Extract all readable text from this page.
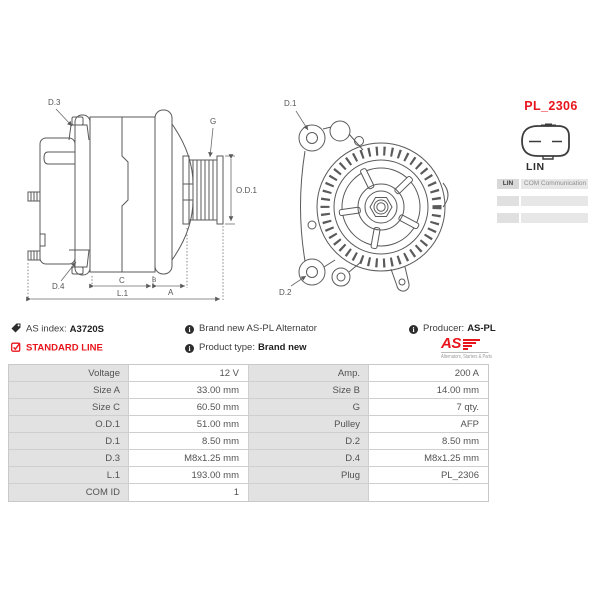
D.3
D.4
G
O.D.1
C	B
A
L.1
D.1
D.2
PL_2306
LIN
LIN	COM Communication
AS index: A3720S
STANDARD LINE
i Brand new AS-PL Alternator
i Product type: Brand new
i Producer: AS-PL
AS
Alternators, Starters & Parts
Voltage	12 V	Amp.	200 A
Size A	33.00 mm	Size B	14.00 mm
Size C	60.50 mm	G	7 qty.
O.D.1	51.00 mm	Pulley	AFP
D.1	8.50 mm	D.2	8.50 mm
D.3	M8x1.25 mm	D.4	M8x1.25 mm
L.1	193.00 mm	Plug	PL_2306
COM ID	1
